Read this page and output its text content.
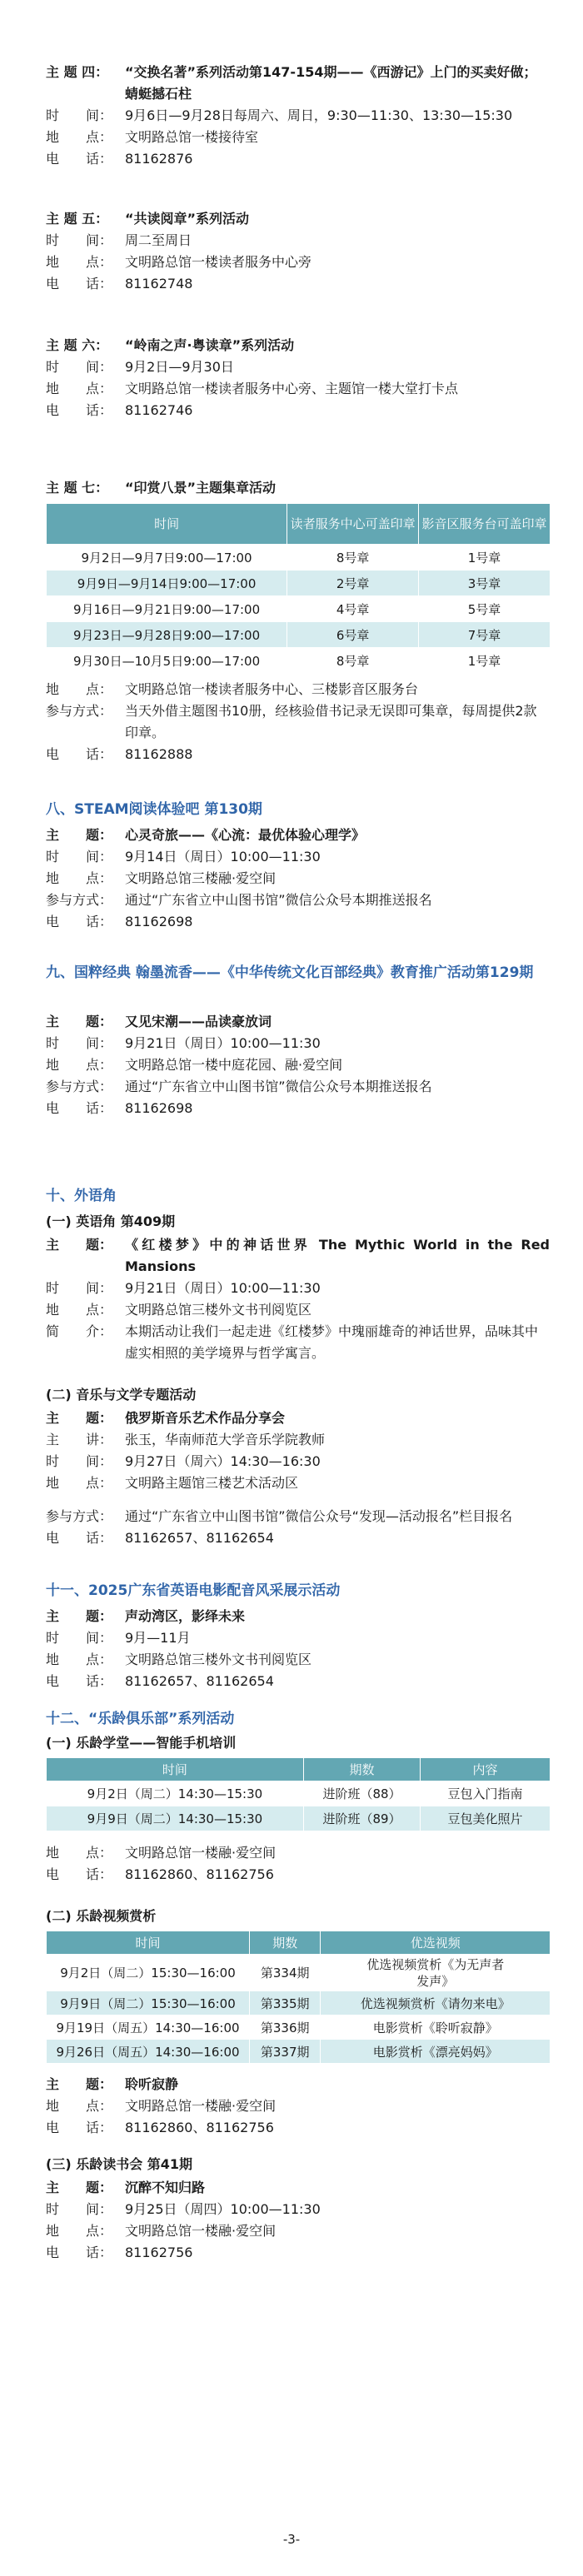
主 题 四：	“交换名著”系列活动第147-154期——《西游记》上门的买卖好做；蜻蜓撼石柱
时　　间： 9月6日—9月28日每周六、周日，9:30—11:30、13:30—15:30
地　　点： 文明路总馆一楼接待室
电　　话： 81162876
主 题 五：	“共读阅章”系列活动
时　　间： 周二至周日
地　　点： 文明路总馆一楼读者服务中心旁
电　　话： 81162748
主 题 六：	“岭南之声·粤读章”系列活动
时　　间： 9月2日—9月30日
地　　点： 文明路总馆一楼读者服务中心旁、主题馆一楼大堂打卡点
电　　话： 81162746
主 题 七：	“印赏八景”主题集章活动
时间	读者服务中心可盖印章	影音区服务台可盖印章
9月2日—9月7日9:00—17:00	8号章	1号章
9月9日—9月14日9:00—17:00	2号章	3号章
9月16日—9月21日9:00—17:00	4号章	5号章
9月23日—9月28日9:00—17:00	6号章	7号章
9月30日—10月5日9:00—17:00	8号章	1号章
地　　点： 文明路总馆一楼读者服务中心、三楼影音区服务台
参与方式： 当天外借主题图书10册，经核验借书记录无误即可集章，每周提供2款印章。
电　　话： 81162888
八、STEAM阅读体验吧 第130期
主　　题： 心灵奇旅——《心流：最优体验心理学》
时　　间： 9月14日（周日）10:00—11:30
地　　点： 文明路总馆三楼融·爱空间
参与方式： 通过“广东省立中山图书馆”微信公众号本期推送报名
电　　话： 81162698
九、国粹经典 翰墨流香——《中华传统文化百部经典》教育推广活动第129期
主　　题： 又见宋潮——品读豪放词
时　　间： 9月21日（周日）10:00—11:30
地　　点： 文明路总馆一楼中庭花园、融·爱空间
参与方式： 通过“广东省立中山图书馆”微信公众号本期推送报名
电　　话： 81162698
十、外语角
(一) 英语角 第409期
主　　题： 《红楼梦》中的神话世界 The Mythic World in the Red Mansions
时　　间： 9月21日（周日）10:00—11:30
地　　点： 文明路总馆三楼外文书刊阅览区
简　　介： 本期活动让我们一起走进《红楼梦》中瑰丽雄奇的神话世界，品味其中虚实相照的美学境界与哲学寓言。
(二) 音乐与文学专题活动
主　　题： 俄罗斯音乐艺术作品分享会
主　　讲： 张玉，华南师范大学音乐学院教师
时　　间： 9月27日（周六）14:30—16:30
地　　点： 文明路主题馆三楼艺术活动区
参与方式： 通过“广东省立中山图书馆”微信公众号“发现—活动报名”栏目报名
电　　话： 81162657、81162654
十一、2025广东省英语电影配音风采展示活动
主　　题： 声动湾区，影绎未来
时　　间： 9月—11月
地　　点： 文明路总馆三楼外文书刊阅览区
电　　话： 81162657、81162654
十二、“乐龄俱乐部”系列活动
(一) 乐龄学堂——智能手机培训
时间	期数	内容
9月2日（周二）14:30—15:30	进阶班（88）	豆包入门指南
9月9日（周二）14:30—15:30	进阶班（89）	豆包美化照片
地　　点： 文明路总馆一楼融·爱空间
电　　话： 81162860、81162756
(二) 乐龄视频赏析
时间	期数	优选视频
9月2日（周二）15:30—16:00	第334期	优选视频赏析《为无声者发声》
9月9日（周二）15:30—16:00	第335期	优选视频赏析《请勿来电》
9月19日（周五）14:30—16:00	第336期	电影赏析《聆听寂静》
9月26日（周五）14:30—16:00	第337期	电影赏析《漂亮妈妈》
主　　题： 聆听寂静
地　　点： 文明路总馆一楼融·爱空间
电　　话： 81162860、81162756
(三) 乐龄读书会 第41期
主　　题： 沉醉不知归路
时　　间： 9月25日（周四）10:00—11:30
地　　点： 文明路总馆一楼融·爱空间
电　　话： 81162756
-3-
